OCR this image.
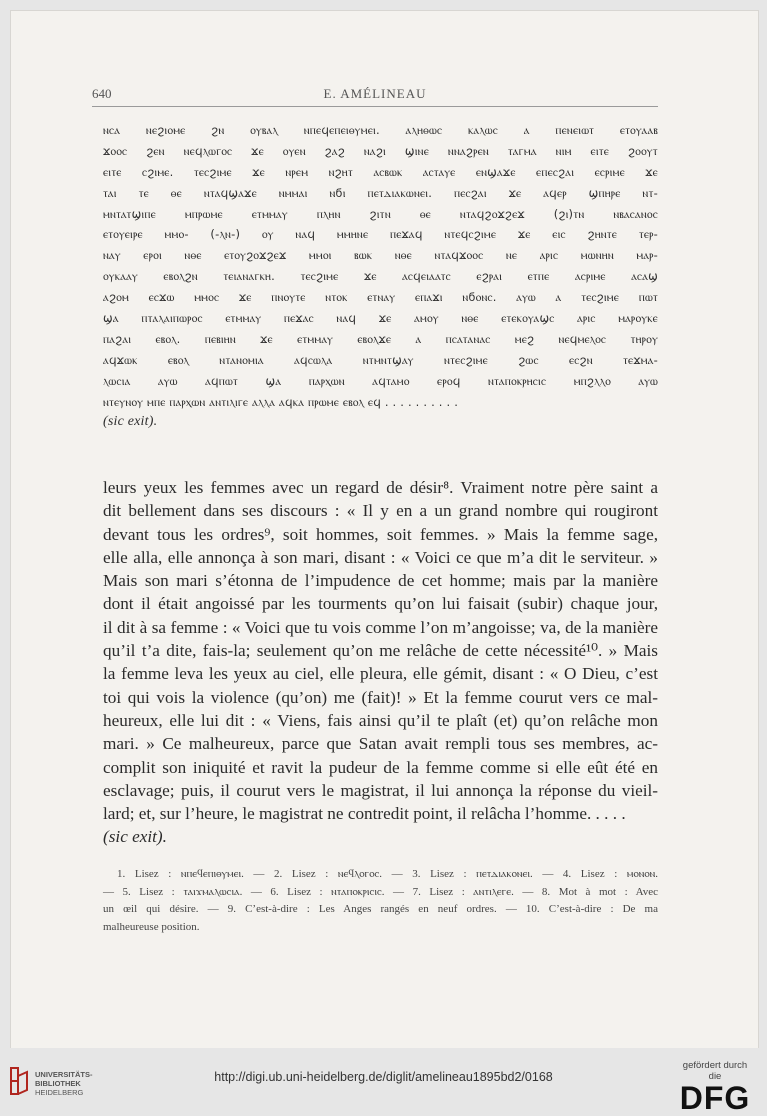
640	E. AMÉLINEAU
ⲛⲥⲁ ⲛⲉϩⲓⲟⲙⲉ ϩⲛ ⲟⲩⲃⲁⲗ ⲛⲡⲉϥⲉⲡⲉⲓⲑⲩⲙⲉⲓ. ⲁⲗⲏⲑⲱⲥ ⲕⲁⲗⲱⲥ ⲁ ⲡⲉⲛⲉⲓⲱⲧ ⲉⲧⲟⲩⲁⲁⲃ
ϫⲟⲟⲥ ϩⲉⲛ ⲛⲉϥⲗⲱⲅⲟⲥ ϫⲉ ⲟⲩⲉⲛ ϩⲁϩ ⲛⲁϩⲓ ϣⲓⲛⲉ ⲛⲛⲁϩⲣⲉⲛ ⲧⲁⲅⲙⲁ ⲛⲓⲙ ⲉⲓⲧⲉ ϩⲟⲟⲩⲧ
ⲉⲓⲧⲉ ⲥϩⲓⲙⲉ. ⲧⲉⲥϩⲓⲙⲉ ϫⲉ ⲛⲣⲉⲙ ⲛϩⲏⲧ ⲁⲥⲃⲱⲕ ⲁⲥⲧⲁⲩⲉ ⲉⲛϣⲁϫⲉ ⲉⲡⲉⲥϩⲁⲓ ⲉⲥⲣⲓⲙⲉ ϫⲉ
ⲧⲁⲓ ⲧⲉ ⲑⲉ ⲛⲧⲁϥϣⲁϫⲉ ⲛⲙⲙⲁⲓ ⲛϭⲓ ⲡⲉⲧⲇⲓⲁⲕⲱⲛⲉⲓ. ⲡⲉⲥϩⲁⲓ ϫⲉ ⲁϥⲉⲣ ϣⲡⲏⲣⲉ ⲛⲧ-
ⲙⲛⲧⲁⲧϣⲓⲡⲉ ⲙⲡⲣⲱⲙⲉ ⲉⲧⲙⲙⲁⲩ ⲡⲗⲏⲛ ϩⲓⲧⲛ ⲑⲉ ⲛⲧⲁϥϩⲟϫϩⲉϫ (ϩⲓ)ⲧⲛ ⲛⲃⲁⲥⲁⲛⲟⲥ
ⲉⲧⲟⲩⲉⲓⲣⲉ ⲙⲙⲟ- (-ⲗⲛ-) ⲟⲩ ⲛⲁϥ ⲙⲙⲏⲛⲉ ⲡⲉϫⲁϥ ⲛⲧⲉϥⲥϩⲓⲙⲉ ϫⲉ ⲉⲓⲥ ϩⲏⲛⲧⲉ ⲧⲉⲣ-
ⲛⲁⲩ ⲉⲣⲟⲓ ⲛⲑⲉ ⲉⲧⲟⲩϩⲟϫϩⲉϫ ⲙⲙⲟⲓ ⲃⲱⲕ ⲛⲑⲉ ⲛⲧⲁϥϫⲟⲟⲥ ⲛⲉ ⲁⲣⲓⲥ ⲙⲱⲛⲏⲛ ⲙⲁⲣ-
ⲟⲩⲕⲁⲁⲩ ⲉⲃⲟⲗϩⲛ ⲧⲉⲓⲁⲛⲁⲅⲕⲏ. ⲧⲉⲥϩⲓⲙⲉ ϫⲉ ⲁⲥϥⲉⲓⲁⲁⲧⲥ ⲉϩⲣⲁⲓ ⲉⲧⲡⲉ ⲁⲥⲣⲓⲙⲉ ⲁⲥⲁϣ
ⲁϩⲟⲙ ⲉⲥϫⲱ ⲙⲙⲟⲥ ϫⲉ ⲡⲛⲟⲩⲧⲉ ⲛⲧⲟⲕ ⲉⲧⲛⲁⲩ ⲉⲡⲁϫⲓ ⲛϭⲟⲛⲥ. ⲁⲩⲱ ⲁ ⲧⲉⲥϩⲓⲙⲉ ⲡⲱⲧ
ϣⲁ ⲡⲧⲁⲗⲁⲓⲡⲱⲣⲟⲥ ⲉⲧⲙⲙⲁⲩ ⲡⲉϫⲁⲥ ⲛⲁϥ ϫⲉ ⲁⲙⲟⲩ ⲛⲑⲉ ⲉⲧⲉⲕⲟⲩⲁϣⲥ ⲁⲣⲓⲥ ⲙⲁⲣⲟⲩⲕⲉ
ⲡⲁϩⲁⲓ ⲉⲃⲟⲗ. ⲡⲉⲃⲓⲏⲛ ϫⲉ ⲉⲧⲙⲙⲁⲩ ⲉⲃⲟⲗϫⲉ ⲁ ⲡⲥⲁⲧⲁⲛⲁⲥ ⲙⲉϩ ⲛⲉϥⲙⲉⲗⲟⲥ ⲧⲏⲣⲟⲩ
ⲁϥϫⲱⲕ ⲉⲃⲟⲗ ⲛⲧⲁⲛⲟⲙⲓⲁ ⲁϥⲥⲱⲗⲁ ⲛⲧⲙⲛⲧϣⲁⲩ ⲛⲧⲉⲥϩⲓⲙⲉ ϩⲱⲥ ⲉⲥϩⲛ ⲧⲉϫⲙⲁ-
ⲗⲱⲥⲓⲁ ⲁⲩⲱ ⲁϥⲡⲱⲧ ϣⲁ ⲡⲁⲣⲭⲱⲛ ⲁϥⲧⲁⲙⲟ ⲉⲣⲟϥ ⲛⲧⲁⲡⲟⲕⲣⲏⲥⲓⲥ ⲙⲡϩⲗⲗⲟ ⲁⲩⲱ
ⲛⲧⲉⲩⲛⲟⲩ ⲙⲡⲉ ⲡⲁⲣⲭⲱⲛ ⲁⲛⲧⲓⲗⲓⲅⲉ ⲁⲗⲗⲁ ⲁϥⲕⲁ ⲡⲣⲱⲙⲉ ⲉⲃⲟⲗ ⲉϥ . . . . . . . . . .
(sic exit).
leurs yeux les femmes avec un regard de désir⁸. Vraiment notre père saint a
dit bellement dans ses discours : « Il y en a un grand nombre qui rougiront
devant tous les ordres⁹, soit hommes, soit femmes. » Mais la femme sage,
elle alla, elle annonça à son mari, disant : « Voici ce que m’a dit le serviteur. »
Mais son mari s’étonna de l’impudence de cet homme; mais par la manière
dont il était angoissé par les tourments qu’on lui faisait (subir) chaque jour,
il dit à sa femme : « Voici que tu vois comme l’on m’angoisse; va, de la manière
qu’il t’a dite, fais-la; seulement qu’on me relâche de cette nécessité¹⁰. » Mais
la femme leva les yeux au ciel, elle pleura, elle gémit, disant : « O Dieu, c’est
toi qui vois la violence (qu’on) me (fait)! » Et la femme courut vers ce mal-
heureux, elle lui dit : « Viens, fais ainsi qu’il te plaît (et) qu’on relâche mon
mari. » Ce malheureux, parce que Satan avait rempli tous ses membres, ac-
complit son iniquité et ravit la pudeur de la femme comme si elle eût été en
esclavage; puis, il courut vers le magistrat, il lui annonça la réponse du vieil-
lard; et, sur l’heure, le magistrat ne contredit point, il relâcha l’homme. . . . .
(sic exit).
1. Lisez : ⲛⲡⲉϥⲉⲡⲓⲑⲩⲙⲉⲓ. — 2. Lisez : ⲛⲉϥⲗⲟⲅⲟⲥ. — 3. Lisez : ⲡⲉⲧⲇⲓⲁⲕⲟⲛⲉⲓ. — 4. Lisez : ⲙⲟⲛⲟⲛ.
— 5. Lisez : ⲧⲁⲓϫⲙⲁⲗⲱⲥⲓⲁ. — 6. Lisez : ⲛⲧⲁⲡⲟⲕⲣⲓⲥⲓⲥ. — 7. Lisez : ⲁⲛⲧⲓⲗⲉⲅⲉ. — 8. Mot à mot : Avec
un œil qui désire. — 9. C’est-à-dire : Les Anges rangés en neuf ordres. — 10. C’est-à-dire : De ma
malheureuse position.
UNIVERSITÄTS-
BIBLIOTHEK
HEIDELBERG
http://digi.ub.uni-heidelberg.de/diglit/amelineau1895bd2/0168
gefördert durch die
DFG
